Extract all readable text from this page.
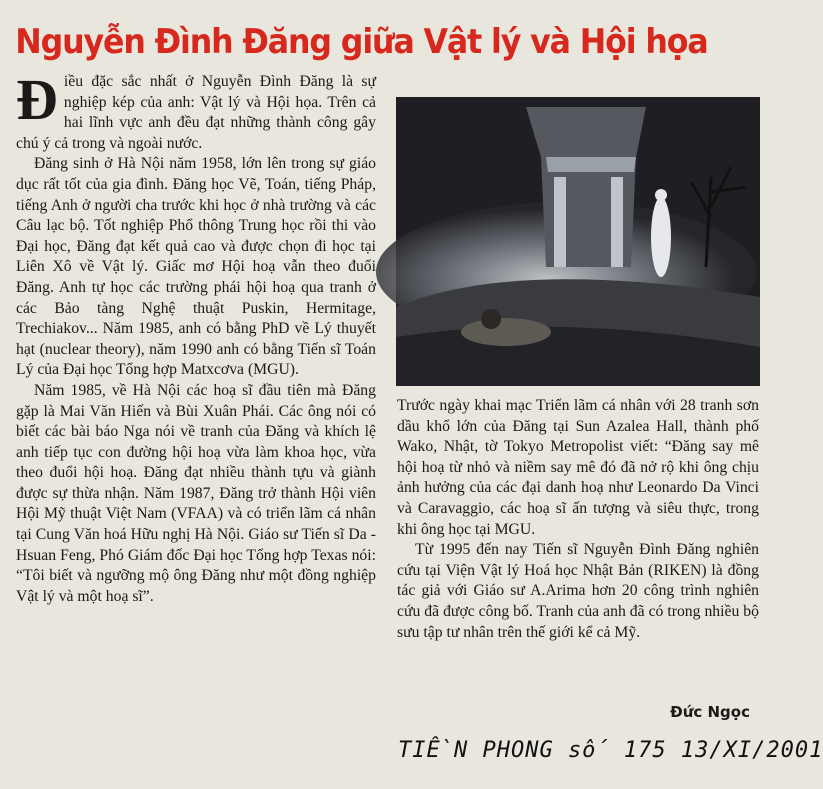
Nguyễn Đình Đăng giữa Vật lý và Hội họa

Điều đặc sắc nhất ở Nguyễn Đình Đăng là sự nghiệp kép của anh: Vật lý và Hội họa. Trên cả hai lĩnh vực anh đều đạt những thành công gây chú ý cả trong và ngoài nước.

Đăng sinh ở Hà Nội năm 1958, lớn lên trong sự giáo dục rất tốt của gia đình. Đăng học Vẽ, Toán, tiếng Pháp, tiếng Anh ở người cha trước khi học ở nhà trường và các Câu lạc bộ. Tốt nghiệp Phổ thông Trung học rồi thi vào Đại học, Đăng đạt kết quả cao và được chọn đi học tại Liên Xô về Vật lý. Giấc mơ Hội hoạ vẫn theo đuổi Đăng. Anh tự học các trường phái hội hoạ qua tranh ở các Bảo tàng Nghệ thuật Puskin, Hermitage, Trechiakov... Năm 1985, anh có bằng PhD về Lý thuyết hạt (nuclear theory), năm 1990 anh có bằng Tiến sĩ Toán Lý của Đại học Tổng hợp Matxcơva (MGU).

Năm 1985, về Hà Nội các hoạ sĩ đầu tiên mà Đăng gặp là Mai Văn Hiến và Bùi Xuân Phái. Các ông nói có biết các bài báo Nga nói về tranh của Đăng và khích lệ anh tiếp tục con đường hội hoạ vừa làm khoa học, vừa theo đuổi hội hoạ. Đăng đạt nhiều thành tựu và giành được sự thừa nhận. Năm 1987, Đăng trở thành Hội viên Hội Mỹ thuật Việt Nam (VFAA) và có triển lãm cá nhân tại Cung Văn hoá Hữu nghị Hà Nội. Giáo sư Tiến sĩ Da - Hsuan Feng, Phó Giám đốc Đại học Tổng hợp Texas nói: “Tôi biết và ngưỡng mộ ông Đăng như một đồng nghiệp Vật lý và một hoạ sĩ”.

Trước ngày khai mạc Triển lãm cá nhân với 28 tranh sơn dầu khổ lớn của Đăng tại Sun Azalea Hall, thành phố Wako, Nhật, tờ Tokyo Metropolist viết: “Đăng say mê hội hoạ từ nhỏ và niềm say mê đó đã nở rộ khi ông chịu ảnh hưởng của các đại danh hoạ như Leonardo Da Vinci và Caravaggio, các hoạ sĩ ấn tượng và siêu thực, trong khi ông học tại MGU.

Từ 1995 đến nay Tiến sĩ Nguyễn Đình Đăng nghiên cứu tại Viện Vật lý Hoá học Nhật Bản (RIKEN) là đồng tác giả với Giáo sư A.Arima hơn 20 công trình nghiên cứu đã được công bố. Tranh của anh đã có trong nhiều bộ sưu tập tư nhân trên thế giới kể cả Mỹ.

Đức Ngọc
TIỀN PHONG số 175 13/XI/2001
